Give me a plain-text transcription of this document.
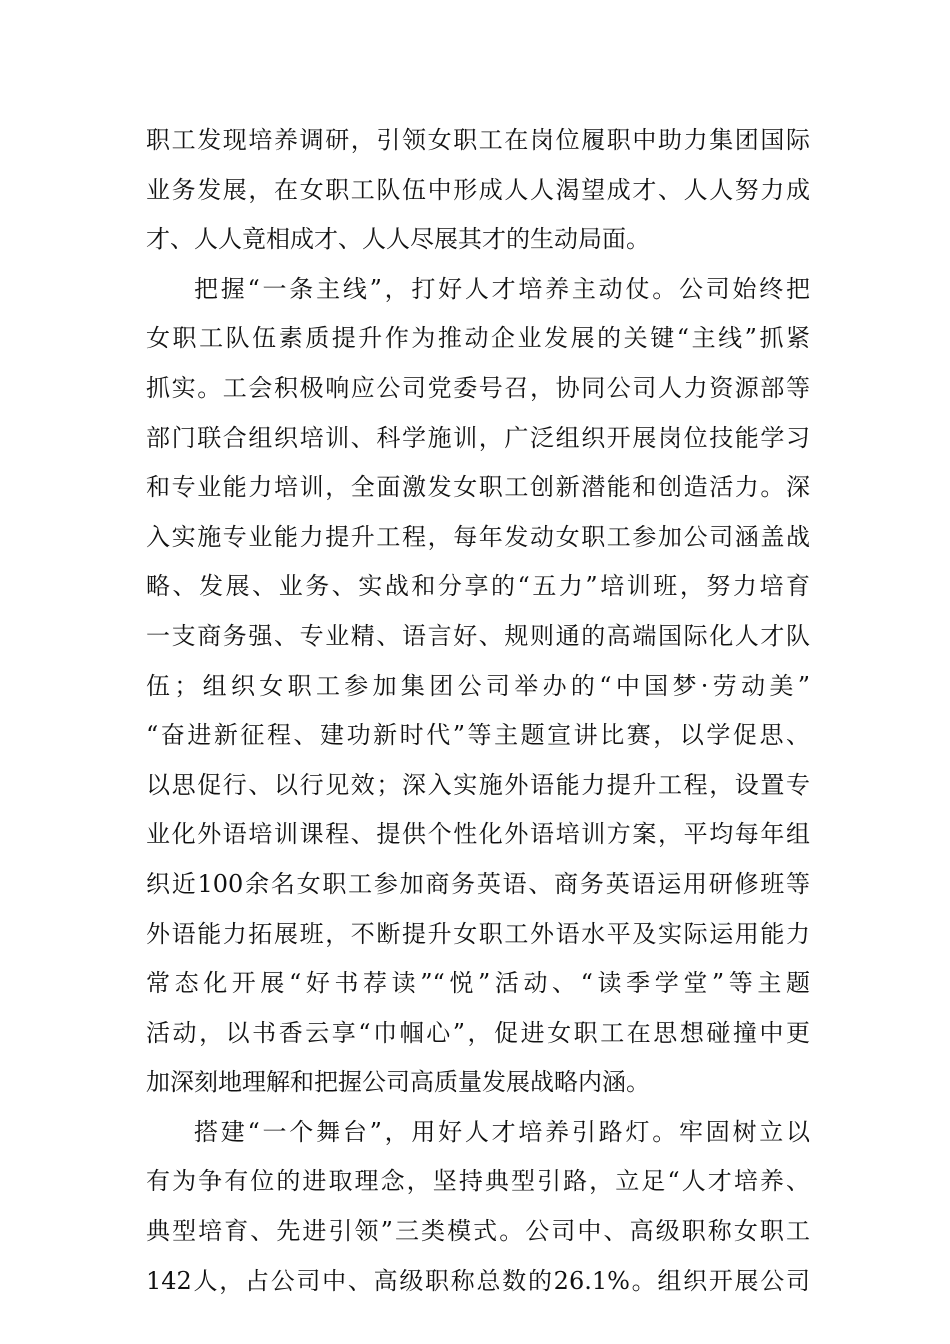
职工发现培养调研，引领女职工在岗位履职中助力集团国际
业务发展，在女职工队伍中形成人人渴望成才、人人努力成
才、人人竟相成才、人人尽展其才的生动局面。
把握“一条主线”，打好人才培养主动仗。公司始终把
女职工队伍素质提升作为推动企业发展的关键“主线”抓紧
抓实。工会积极响应公司党委号召，协同公司人力资源部等
部门联合组织培训、科学施训，广泛组织开展岗位技能学习
和专业能力培训，全面激发女职工创新潜能和创造活力。深
入实施专业能力提升工程，每年发动女职工参加公司涵盖战
略、发展、业务、实战和分享的“五力”培训班，努力培育
一支商务强、专业精、语言好、规则通的高端国际化人才队
伍；组织女职工参加集团公司举办的“中国梦·劳动美”
“奋进新征程、建功新时代”等主题宣讲比赛，以学促思、
以思促行、以行见效；深入实施外语能力提升工程，设置专
业化外语培训课程、提供个性化外语培训方案，平均每年组
织近100余名女职工参加商务英语、商务英语运用研修班等
外语能力拓展班，不断提升女职工外语水平及实际运用能力
常态化开展“好书荐读”“悦”活动、“读季学堂”等主题
活动，以书香云享“巾帼心”，促进女职工在思想碰撞中更
加深刻地理解和把握公司高质量发展战略内涵。
搭建“一个舞台”，用好人才培养引路灯。牢固树立以
有为争有位的进取理念，坚持典型引路，立足“人才培养、
典型培育、先进引领”三类模式。公司中、高级职称女职工
142人，占公司中、高级职称总数的26.1%。组织开展公司
